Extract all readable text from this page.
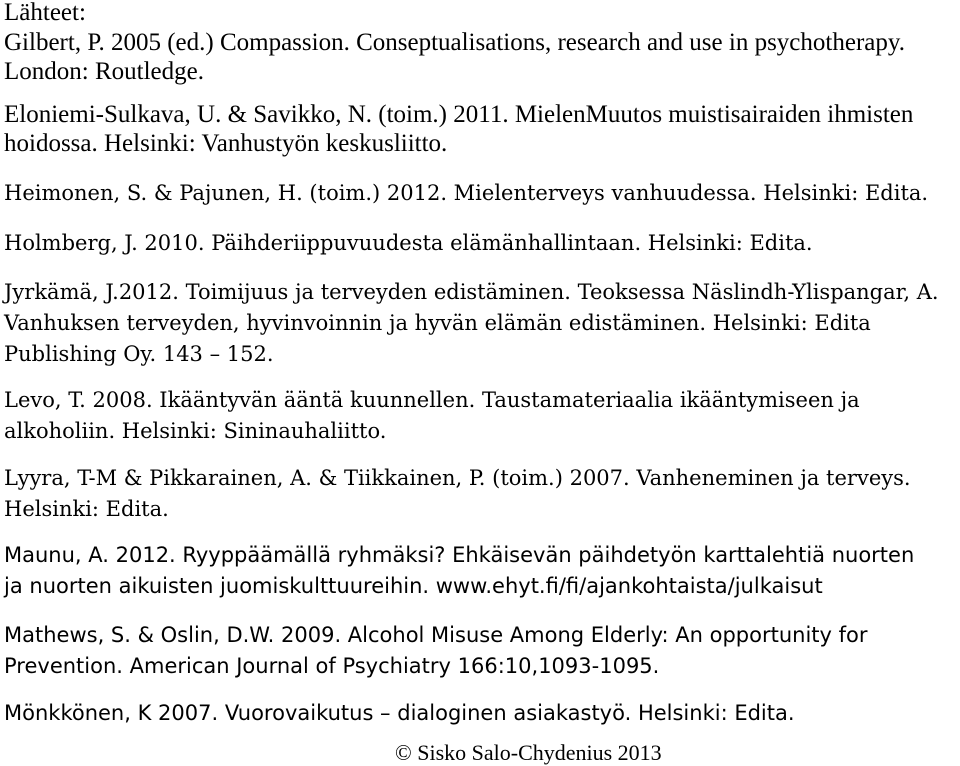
Lähteet:
Gilbert, P. 2005 (ed.) Compassion. Conseptualisations, research and use in psychotherapy.
London: Routledge.
Eloniemi-Sulkava, U. & Savikko, N. (toim.) 2011. MielenMuutos muistisairaiden ihmisten
hoidossa. Helsinki: Vanhustyön keskusliitto.
Heimonen, S. & Pajunen, H. (toim.) 2012. Mielenterveys vanhuudessa. Helsinki: Edita.
Holmberg, J. 2010. Päihderiippuvuudesta elämänhallintaan. Helsinki: Edita.
Jyrkämä, J.2012. Toimijuus ja terveyden edistäminen. Teoksessa Näslindh-Ylispangar, A.
Vanhuksen terveyden, hyvinvoinnin ja hyvän elämän edistäminen. Helsinki: Edita
Publishing Oy. 143 – 152.
Levo, T. 2008. Ikääntyvän ääntä kuunnellen. Taustamateriaalia ikääntymiseen ja
alkoholiin. Helsinki: Sininauhaliitto.
Lyyra, T-M & Pikkarainen, A. & Tiikkainen, P. (toim.) 2007. Vanheneminen ja terveys.
Helsinki: Edita.
Maunu, A. 2012. Ryyppäämällä ryhmäksi? Ehkäisevän päihdetyön karttalehtiä nuorten
ja nuorten aikuisten juomiskulttuureihin. www.ehyt.fi/fi/ajankohtaista/julkaisut
Mathews, S. & Oslin, D.W. 2009. Alcohol Misuse Among Elderly: An opportunity for
Prevention. American Journal of Psychiatry 166:10,1093-1095.
Mönkkönen, K 2007. Vuorovaikutus – dialoginen asiakastyö. Helsinki: Edita.
© Sisko Salo-Chydenius 2013
